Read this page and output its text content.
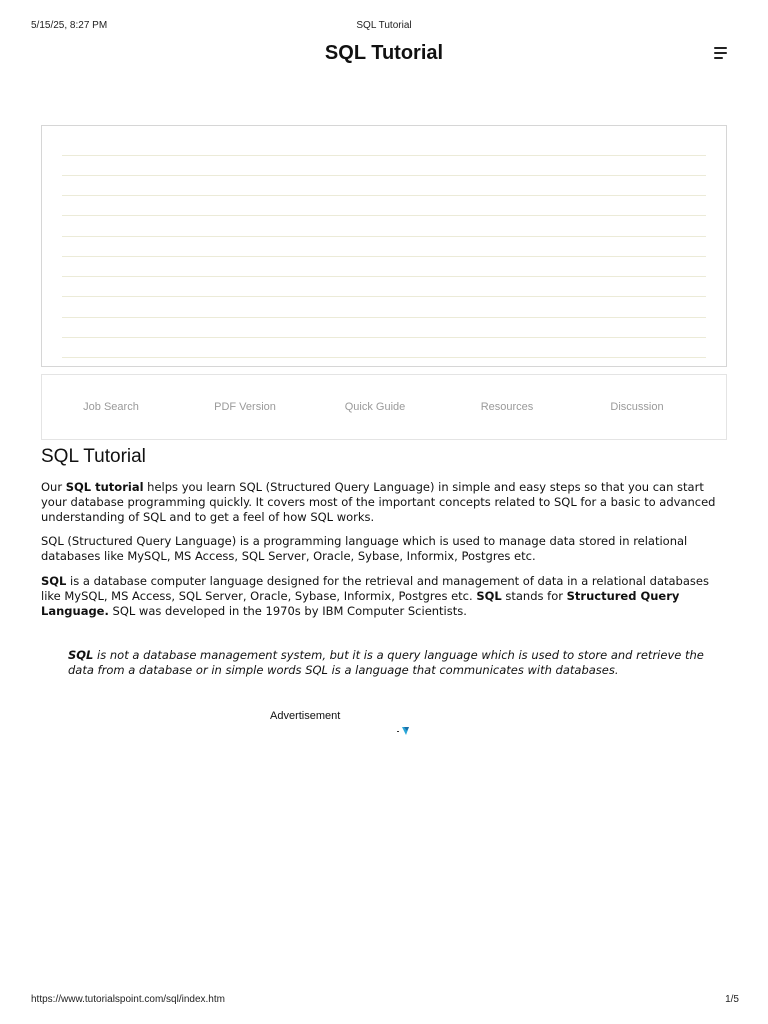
5/15/25, 8:27 PM	SQL Tutorial
SQL Tutorial
Job Search	PDF Version	Quick Guide	Resources	Discussion
SQL Tutorial

Our SQL tutorial helps you learn SQL (Structured Query Language) in simple and easy steps so that you can start your database programming quickly. It covers most of the important concepts related to SQL for a basic to advanced understanding of SQL and to get a feel of how SQL works.

SQL (Structured Query Language) is a programming language which is used to manage data stored in relational databases like MySQL, MS Access, SQL Server, Oracle, Sybase, Informix, Postgres etc.

SQL is a database computer language designed for the retrieval and management of data in a relational databases like MySQL, MS Access, SQL Server, Oracle, Sybase, Informix, Postgres etc. SQL stands for Structured Query Language. SQL was developed in the 1970s by IBM Computer Scientists.

SQL is not a database management system, but it is a query language which is used to store and retrieve the data from a database or in simple words SQL is a language that communicates with databases.

Advertisement
https://www.tutorialspoint.com/sql/index.htm	1/5
